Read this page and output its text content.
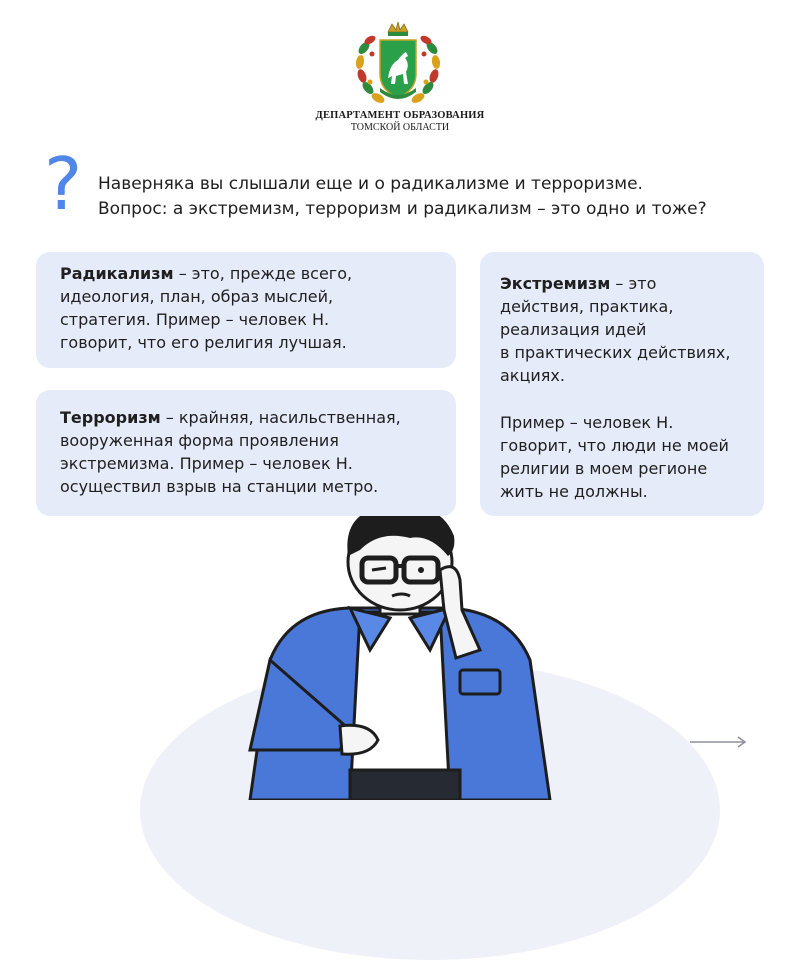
ДЕПАРТАМЕНТ ОБРАЗОВАНИЯ
ТОМСКОЙ ОБЛАСТИ
? Наверняка вы слышали еще и о радикализме и терроризме.
Вопрос: а экстремизм, терроризм и радикализм – это одно и тоже?
Радикализм – это, прежде всего,
идеология, план, образ мыслей,
стратегия. Пример – человек Н.
говорит, что его религия лучшая.
Терроризм – крайняя, насильственная,
вооруженная форма проявления
экстремизма. Пример – человек Н.
осуществил взрыв на станции метро.
Экстремизм – это
действия, практика,
реализация идей
в практических действиях,
акциях.
Пример – человек Н.
говорит, что люди не моей
религии в моем регионе
жить не должны.
